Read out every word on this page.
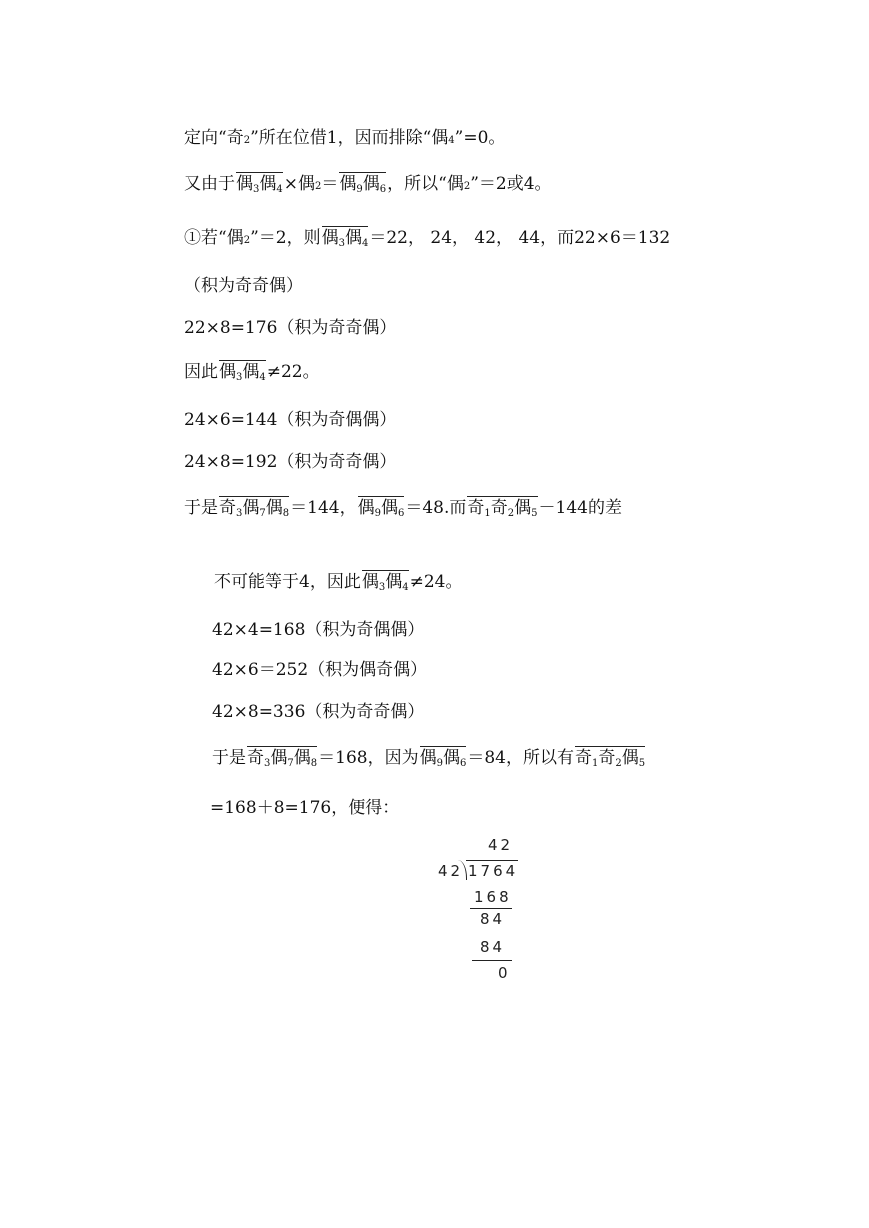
定向“奇 2 ”所在位借1，因而排除“偶 4 ”=0。
又由于 偶$_3$偶$_4$ ×偶 2 ＝ 偶$_9$偶$_6$ ，所以“偶 2 ”＝2或4。
①若“偶 2 ”＝2，则 偶$_3$偶$_4$ ＝22， 24， 42， 44，而22×6＝132
（积为奇奇偶）
22×8=176（积为奇奇偶）
因此 偶$_3$偶$_4$ ≠22。
24×6=144（积为奇偶偶）
24×8=192（积为奇奇偶）
于是 奇$_3$偶$_7$偶$_8$ ＝144， 偶$_9$偶$_6$ ＝48.而 奇$_1$奇$_2$偶$_5$ －144的差
不可能等于4，因此 偶$_3$偶$_4$ ≠24。
42×4=168（积为奇偶偶）
42×6＝252（积为偶奇偶）
42×8=336（积为奇奇偶）
于是 奇$_3$偶$_7$偶$_8$ ＝168，因为 偶$_9$偶$_6$ ＝84，所以有 奇$_1$奇$_2$偶$_5$
=168＋8=176，便得：
42
42 1764
168
84
84
0
